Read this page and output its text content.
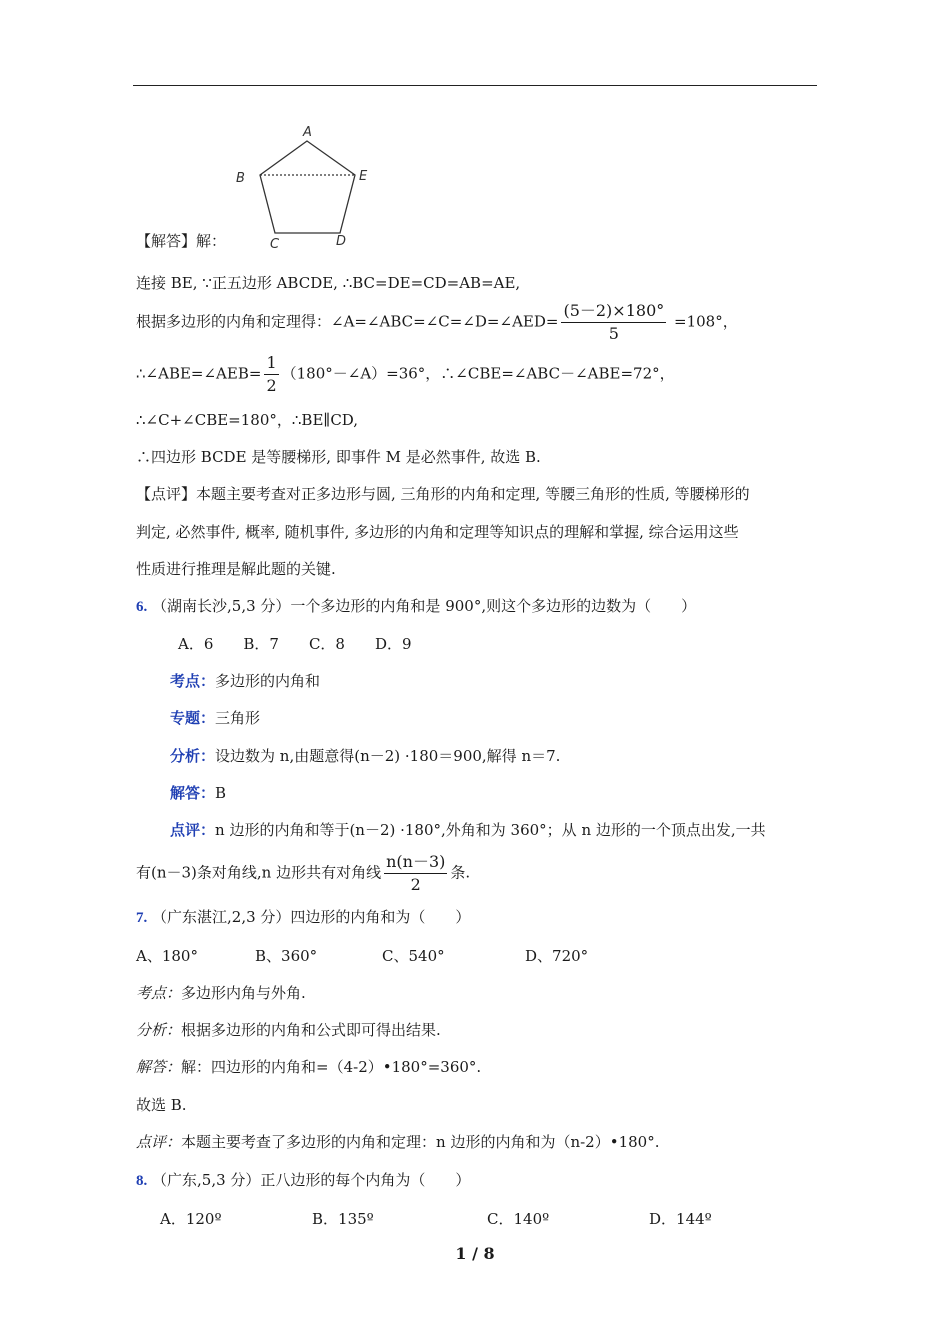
A
B	E
C	D
【解答】解：
连接 BE, ∵正五边形 ABCDE, ∴BC=DE=CD=AB=AE,
根据多边形的内角和定理得：∠A=∠ABC=∠C=∠D=∠AED= $\frac{(5-2)\times 180^\circ}{5} =108^\circ$，
∴∠ABE=∠AEB= $\frac{1}{2}$ （180°－∠A）=36°，∴∠CBE=∠ABC－∠ABE=72°，
∴∠C+∠CBE=180°，∴BE∥CD,
∴四边形 BCDE 是等腰梯形, 即事件 M 是必然事件, 故选 B.
【点评】本题主要考查对正多边形与圆, 三角形的内角和定理, 等腰三角形的性质, 等腰梯形的
判定, 必然事件, 概率, 随机事件, 多边形的内角和定理等知识点的理解和掌握, 综合运用这些
性质进行推理是解此题的关键.
6. （湖南长沙,5,3 分）一个多边形的内角和是 900°,则这个多边形的边数为（　　）
A．6　　B．7　　C．8　　D．9
考点：多边形的内角和
专题：三角形
分析：设边数为 n,由题意得(n－2) ·180＝900,解得 n＝7.
解答：B
点评：n 边形的内角和等于(n－2) ·180°,外角和为 360°；从 n 边形的一个顶点出发,一共
有(n－3)条对角线,n 边形共有对角线 $\frac{n(n-3)}{2}$ 条.
7. （广东湛江,2,3 分）四边形的内角和为（　　）
A、180°	B、360°	C、540°	D、720°
考点：多边形内角与外角.
分析：根据多边形的内角和公式即可得出结果.
解答：解：四边形的内角和=（4-2）•180°=360°.
故选 B.
点评：本题主要考查了多边形的内角和定理：n 边形的内角和为（n-2）•180°.
8. （广东,5,3 分）正八边形的每个内角为（　　）
A．120º	B．135º	C．140º	D．144º
1 / 8
